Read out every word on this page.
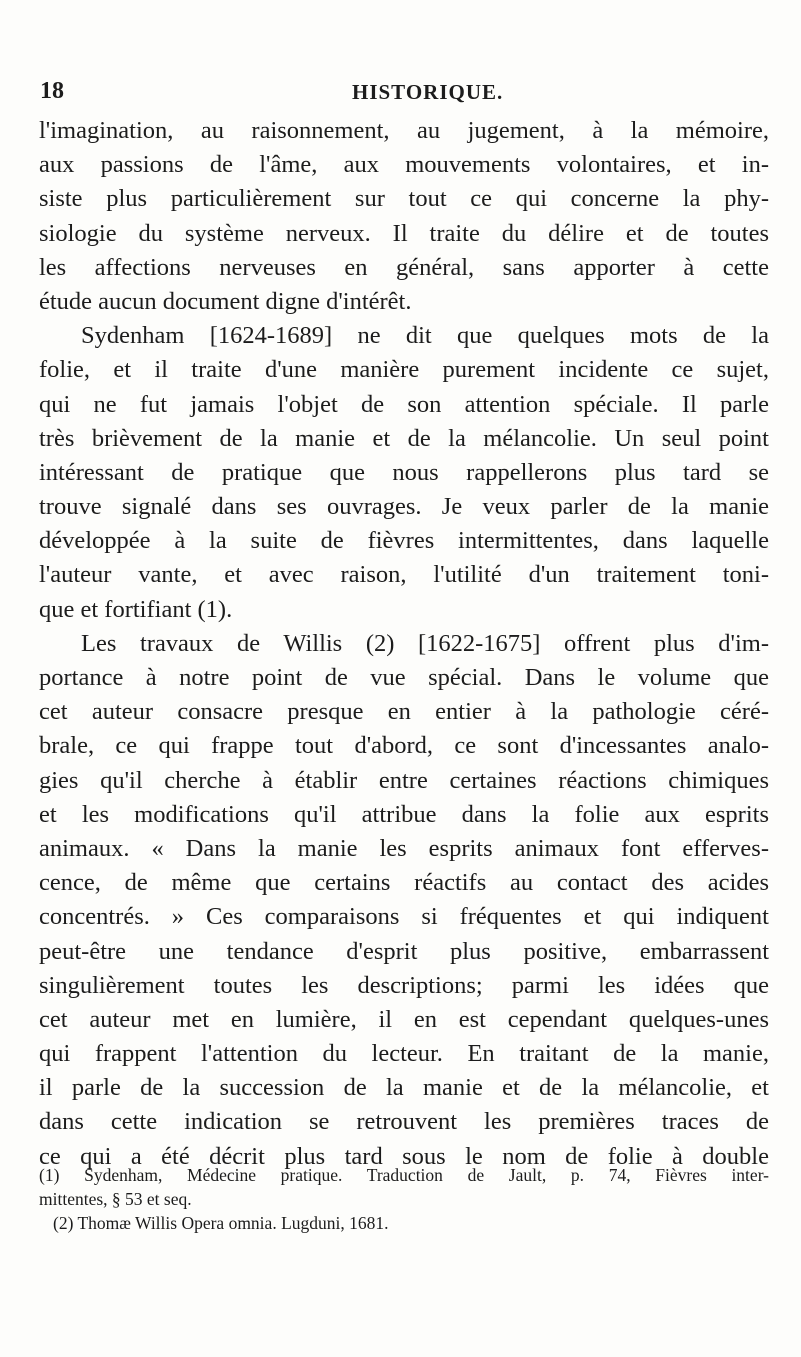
18	HISTORIQUE.
l'imagination, au raisonnement, au jugement, à la mémoire,
aux passions de l'âme, aux mouvements volontaires, et in-
siste plus particulièrement sur tout ce qui concerne la phy-
siologie du système nerveux. Il traite du délire et de toutes
les affections nerveuses en général, sans apporter à cette
étude aucun document digne d'intérêt.
Sydenham [1624-1689] ne dit que quelques mots de la
folie, et il traite d'une manière purement incidente ce sujet,
qui ne fut jamais l'objet de son attention spéciale. Il parle
très brièvement de la manie et de la mélancolie. Un seul point
intéressant de pratique que nous rappellerons plus tard se
trouve signalé dans ses ouvrages. Je veux parler de la manie
développée à la suite de fièvres intermittentes, dans laquelle
l'auteur vante, et avec raison, l'utilité d'un traitement toni-
que et fortifiant (1).
Les travaux de Willis (2) [1622-1675] offrent plus d'im-
portance à notre point de vue spécial. Dans le volume que
cet auteur consacre presque en entier à la pathologie céré-
brale, ce qui frappe tout d'abord, ce sont d'incessantes analo-
gies qu'il cherche à établir entre certaines réactions chimiques
et les modifications qu'il attribue dans la folie aux esprits
animaux. « Dans la manie les esprits animaux font efferves-
cence, de même que certains réactifs au contact des acides
concentrés. » Ces comparaisons si fréquentes et qui indiquent
peut-être une tendance d'esprit plus positive, embarrassent
singulièrement toutes les descriptions; parmi les idées que
cet auteur met en lumière, il en est cependant quelques-unes
qui frappent l'attention du lecteur. En traitant de la manie,
il parle de la succession de la manie et de la mélancolie, et
dans cette indication se retrouvent les premières traces de
ce qui a été décrit plus tard sous le nom de folie à double
(1) Sydenham, Médecine pratique. Traduction de Jault, p. 74, Fièvres inter-
mittentes, § 53 et seq.
(2) Thomæ Willis Opera omnia. Lugduni, 1681.
